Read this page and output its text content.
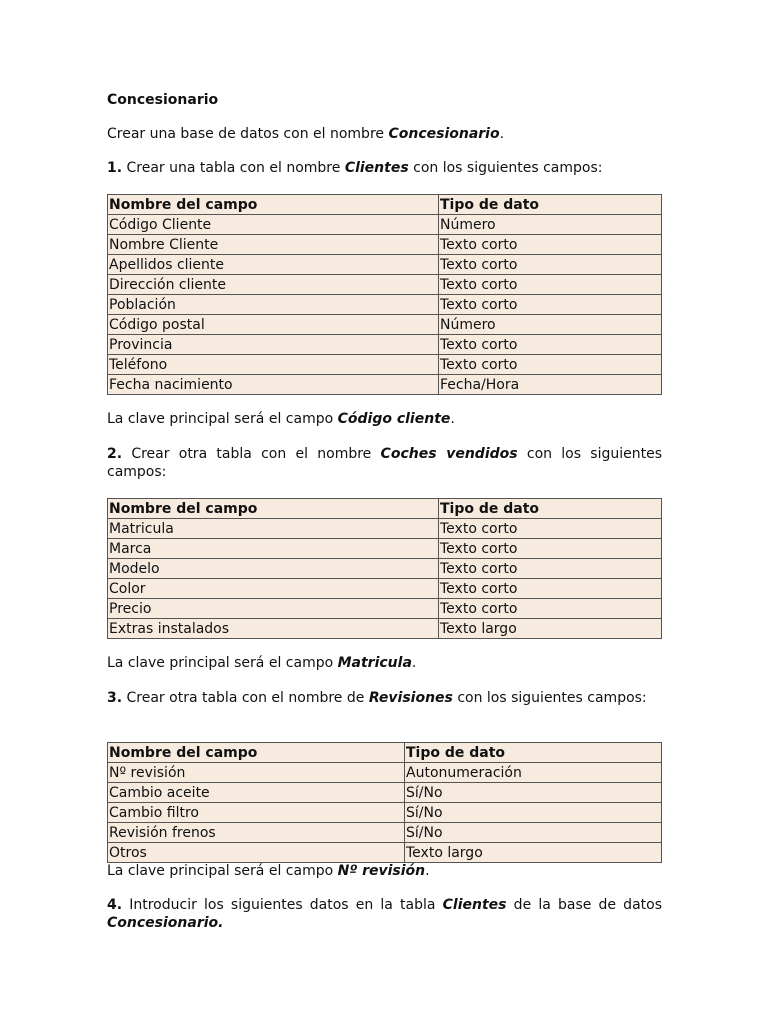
Concesionario
Crear una base de datos con el nombre Concesionario.
1. Crear una tabla con el nombre Clientes con los siguientes campos:
Nombre del campo	Tipo de dato
Código Cliente	Número
Nombre Cliente	Texto corto
Apellidos cliente	Texto corto
Dirección cliente	Texto corto
Población	Texto corto
Código postal	Número
Provincia	Texto corto
Teléfono	Texto corto
Fecha nacimiento	Fecha/Hora
La clave principal será el campo Código cliente.
2. Crear otra tabla con el nombre Coches vendidos con los siguientes campos:
Nombre del campo	Tipo de dato
Matricula	Texto corto
Marca	Texto corto
Modelo	Texto corto
Color	Texto corto
Precio	Texto corto
Extras instalados	Texto largo
La clave principal será el campo Matricula.
3. Crear otra tabla con el nombre de Revisiones con los siguientes campos:
Nombre del campo	Tipo de dato
Nº revisión	Autonumeración
Cambio aceite	Sí/No
Cambio filtro	Sí/No
Revisión frenos	Sí/No
Otros	Texto largo
La clave principal será el campo Nº revisión.
4. Introducir los siguientes datos en la tabla Clientes de la base de datos Concesionario.
